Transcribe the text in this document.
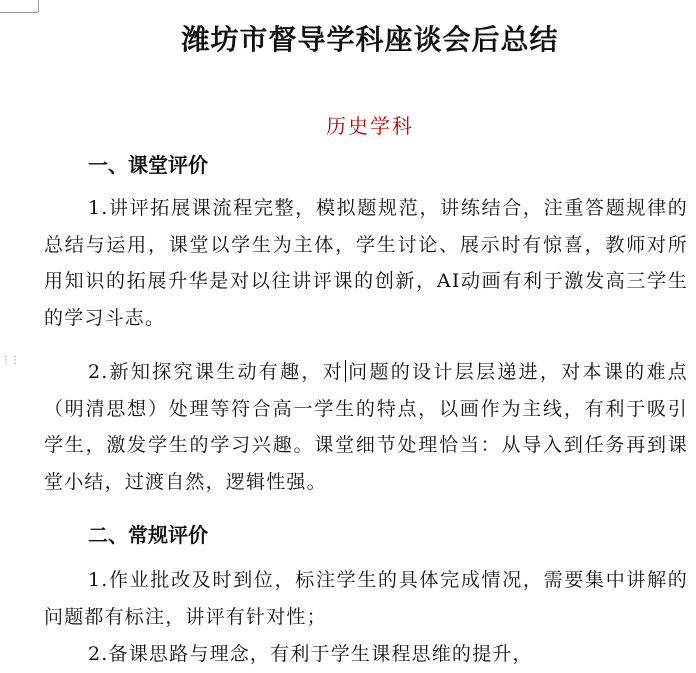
⋮⋮
潍坊市督导学科座谈会后总结

历史学科

一、课堂评价

1.讲评拓展课流程完整，模拟题规范，讲练结合，注重答题规律的总结与运用，课堂以学生为主体，学生讨论、展示时有惊喜，教师对所用知识的拓展升华是对以往讲评课的创新，AI动画有利于激发高三学生的学习斗志。

2.新知探究课生动有趣，对 问题的设计层层递进，对本课的难点（明清思想）处理等符合高一学生的特点，以画作为主线，有利于吸引学生，激发学生的学习兴趣。课堂细节处理恰当：从导入到任务再到课堂小结，过渡自然，逻辑性强。

二、常规评价

1.作业批改及时到位，标注学生的具体完成情况，需要集中讲解的问题都有标注，讲评有针对性；

2.备课思路与理念，有利于学生课程思维的提升，
